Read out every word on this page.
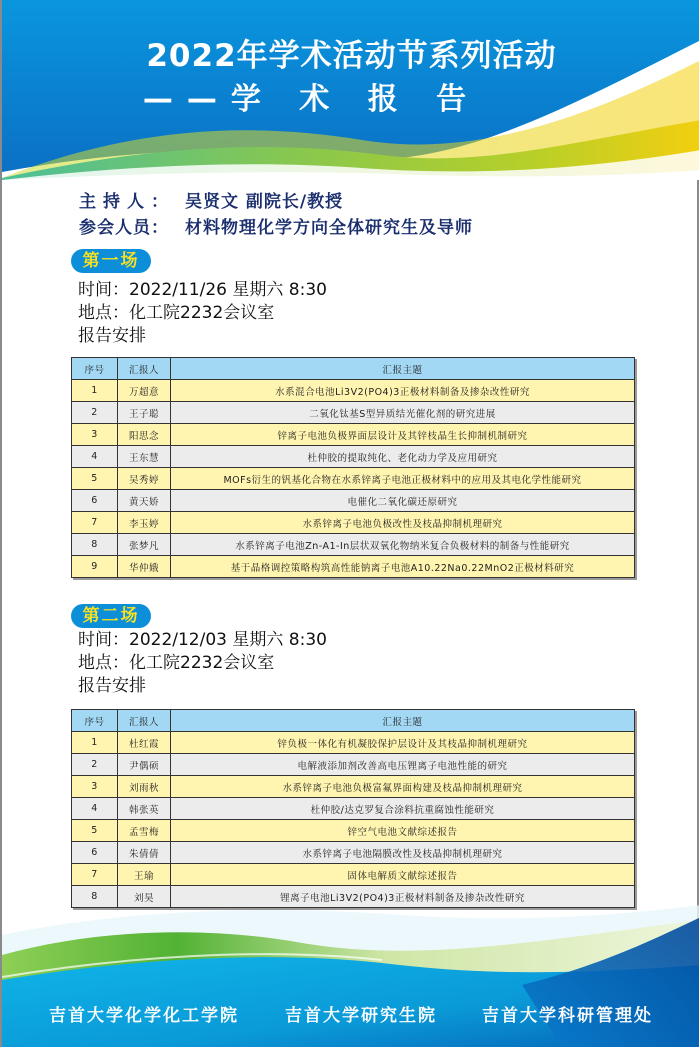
2022年学术活动节系列活动
——学 术 报 告
主持人： 吴贤文 副院长/教授
参会人员： 材料物理化学方向全体研究生及导师
第一场
时间：2022/11/26 星期六 8:30
地点：化工院2232会议室
报告安排
序号	汇报人	汇报主题
1	万超意	水系混合电池Li3V2(PO4)3正极材料制备及掺杂改性研究
2	王子聪	二氧化钛基S型异质结光催化剂的研究进展
3	阳思念	锌离子电池负极界面层设计及其锌枝晶生长抑制机制研究
4	王东慧	杜仲胶的提取纯化、老化动力学及应用研究
5	吴秀婷	MOFs衍生的钒基化合物在水系锌离子电池正极材料中的应用及其电化学性能研究
6	黄天娇	电催化二氧化碳还原研究
7	李玉婷	水系锌离子电池负极改性及枝晶抑制机理研究
8	张梦凡	水系锌离子电池Zn-A1-In层状双氧化物纳米复合负极材料的制备与性能研究
9	华仲娥	基于晶格调控策略构筑高性能钠离子电池A10.22Na0.22MnO2正极材料研究
第二场
时间：2022/12/03 星期六 8:30
地点：化工院2232会议室
报告安排
序号	汇报人	汇报主题
1	杜红霞	锌负极一体化有机凝胶保护层设计及其枝晶抑制机理研究
2	尹偶硕	电解液添加剂改善高电压锂离子电池性能的研究
3	刘雨秋	水系锌离子电池负极富氟界面构建及枝晶抑制机理研究
4	韩张英	杜仲胶/达克罗复合涂料抗重腐蚀性能研究
5	孟雪梅	锌空气电池文献综述报告
6	朱倩倩	水系锌离子电池隔膜改性及枝晶抑制机理研究
7	王瑜	固体电解质文献综述报告
8	刘昊	锂离子电池Li3V2(PO4)3正极材料制备及掺杂改性研究
吉首大学化学化工学院	吉首大学研究生院	吉首大学科研管理处
